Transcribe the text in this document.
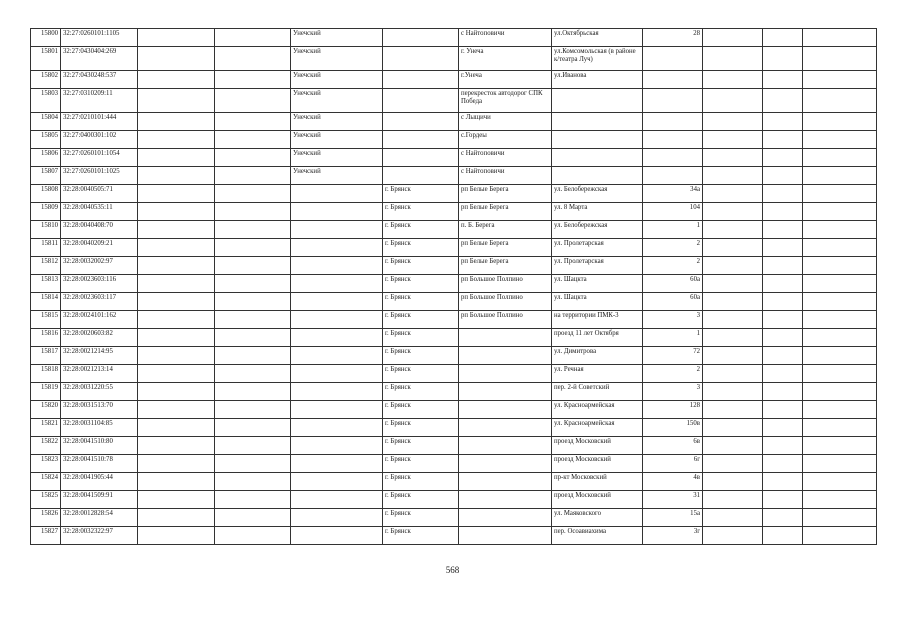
15800	32:27:0260101:1105			Унечский		с Найтоповичи	ул.Октябрьская	28			
15801	32:27:0430404:269			Унечский		г. Унеча	ул.Комсомольская (в районе к/театра Луч)				
15802	32:27:0430248:537			Унечский		г.Унеча	ул.Иванова				
15803	32:27:0310209:11			Унечский		перекресток автодорог СПК Победа					
15804	32:27:0210101:444			Унечский		с Лыщичи					
15805	32:27:0400301:102			Унечский		с.Гордеы					
15806	32:27:0260101:1054			Унечский		с Найтоповичи					
15807	32:27:0260101:1025			Унечский		с Найтоповичи					
15808	32:28:0040505:71				г. Брянск	рп Белые Берега	ул. Белобережская	34а			
15809	32:28:0040535:11				г. Брянск	рп Белые Берега	ул. 8 Марта	104			
15810	32:28:0040408:70				г. Брянск	п. Б. Берега	ул. Белобережская	1			
15811	32:28:0040209:21				г. Брянск	рп Белые Берега	ул. Пролетарская	2			
15812	32:28:0032002:97				г. Брянск	рп Белые Берега	ул. Пролетарская	2			
15813	32:28:0023603:116				г. Брянск	рп Большое Полпино	ул. Шацкта	60а			
15814	32:28:0023603:117				г. Брянск	рп Большое Полпино	ул. Шацкта	60а			
15815	32:28:0024101:162				г. Брянск	рп Большое Полпино	на территории ПМК-3	3			
15816	32:28:0020603:82				г. Брянск		проезд 11 лет Октября	1			
15817	32:28:0021214:95				г. Брянск		ул. Димитрова	72			
15818	32:28:0021213:14				г. Брянск		ул. Речная	2			
15819	32:28:0031220:55				г. Брянск		пер. 2-й Советский	3			
15820	32:28:0031513:70				г. Брянск		ул. Красноармейская	128			
15821	32:28:0031104:85				г. Брянск		ул. Красноармейская	150в			
15822	32:28:0041510:80				г. Брянск		проезд Московский	6в			
15823	32:28:0041510:78				г. Брянск		проезд Московский	6г			
15824	32:28:0041905:44				г. Брянск		пр-кт Московский	4в			
15825	32:28:0041509:91				г. Брянск		проезд Московский	31			
15826	32:28:0012828:54				г. Брянск		ул. Маяковского	15а			
15827	32:28:0032322:97				г. Брянск		пер. Осоавиахима	3г			
568
